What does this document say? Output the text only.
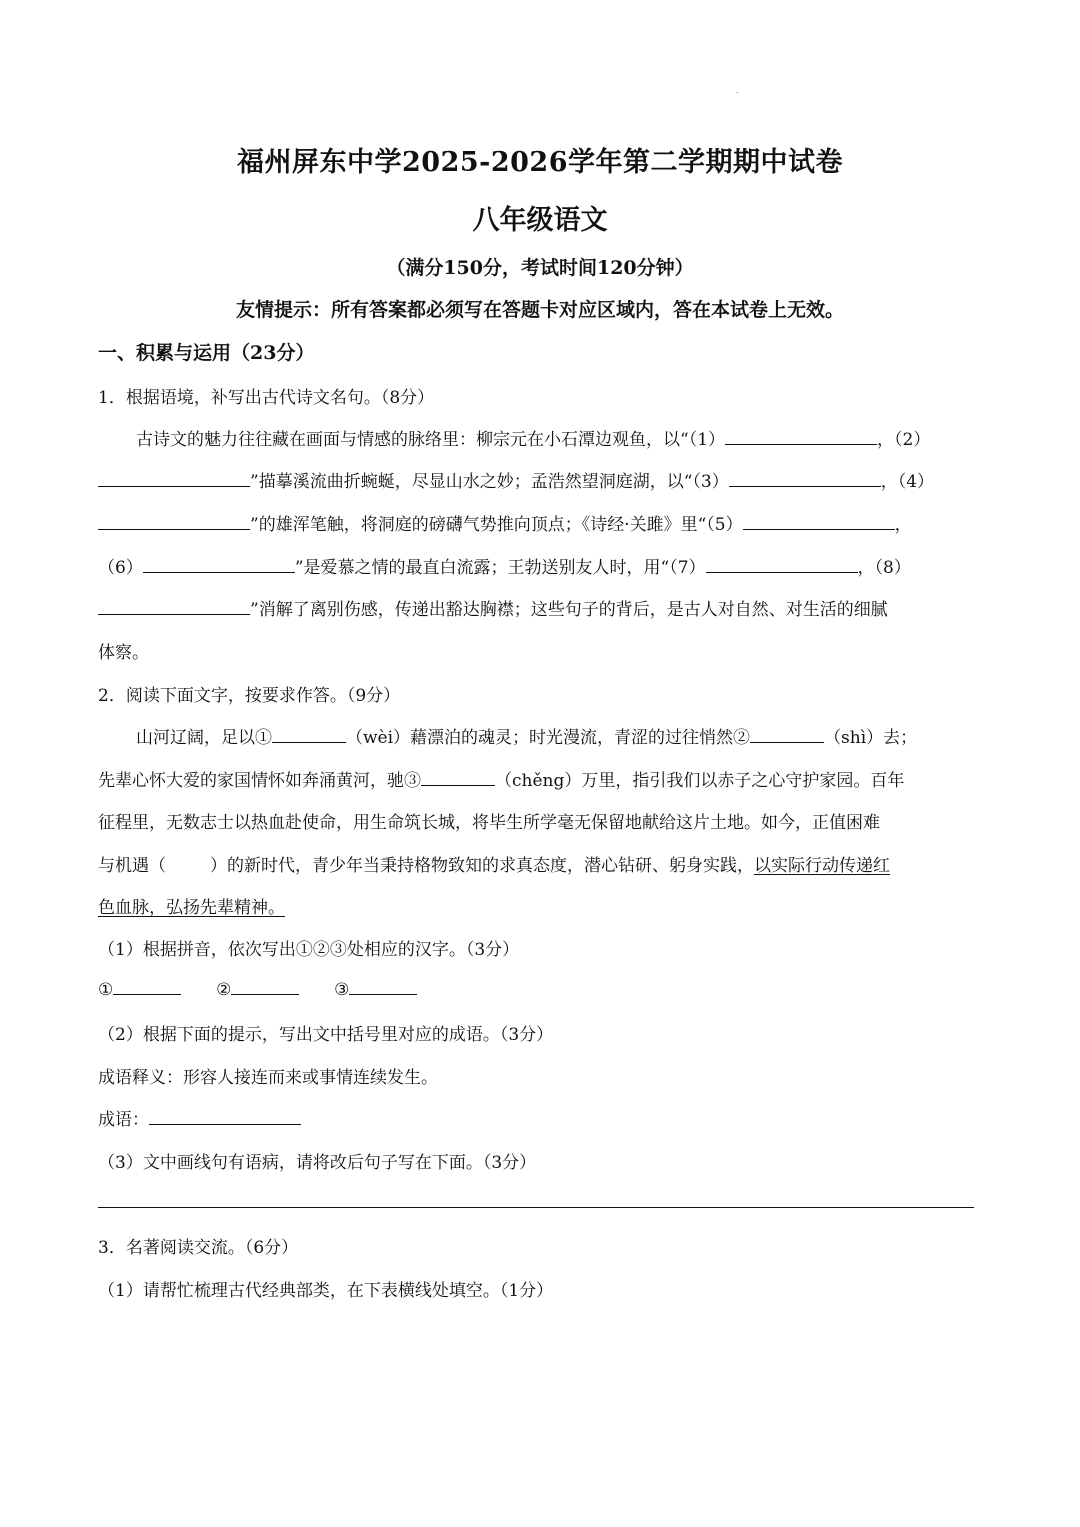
福州屏东中学2025-2026学年第二学期期中试卷
八年级语文
（满分150分，考试时间120分钟）
友情提示：所有答案都必须写在答题卡对应区域内，答在本试卷上无效。
一、积累与运用（23分）
1．根据语境，补写出古代诗文名句。（8分）
古诗文的魅力往往藏在画面与情感的脉络里：柳宗元在小石潭边观鱼，以“（1）	，（2）
”描摹溪流曲折蜿蜒，尽显山水之妙；孟浩然望洞庭湖，以“（3）	，（4）
”的雄浑笔触，将洞庭的磅礴气势推向顶点；《诗经·关雎》里“（5）	，
（6）	”是爱慕之情的最直白流露；王勃送别友人时，用“（7）	，（8）
”消解了离别伤感，传递出豁达胸襟；这些句子的背后，是古人对自然、对生活的细腻
体察。
2．阅读下面文字，按要求作答。（9分）
山河辽阔，足以①	（wèi）藉漂泊的魂灵；时光漫流，青涩的过往悄然②	（shì）去；
先辈心怀大爱的家国情怀如奔涌黄河，驰③	（chěng）万里，指引我们以赤子之心守护家园。百年
征程里，无数志士以热血赴使命，用生命筑长城，将毕生所学毫无保留地献给这片土地。如今，正值困难
与机遇（	）的新时代，青少年当秉持格物致知的求真态度，潜心钻研、躬身实践，以实际行动传递红
色血脉，弘扬先辈精神。
（1）根据拼音，依次写出①②③处相应的汉字。（3分）
①	②	③
（2）根据下面的提示，写出文中括号里对应的成语。（3分）
成语释义：形容人接连而来或事情连续发生。
成语：
（3）文中画线句有语病，请将改后句子写在下面。（3分）
3．名著阅读交流。（6分）
（1）请帮忙梳理古代经典部类，在下表横线处填空。（1分）
